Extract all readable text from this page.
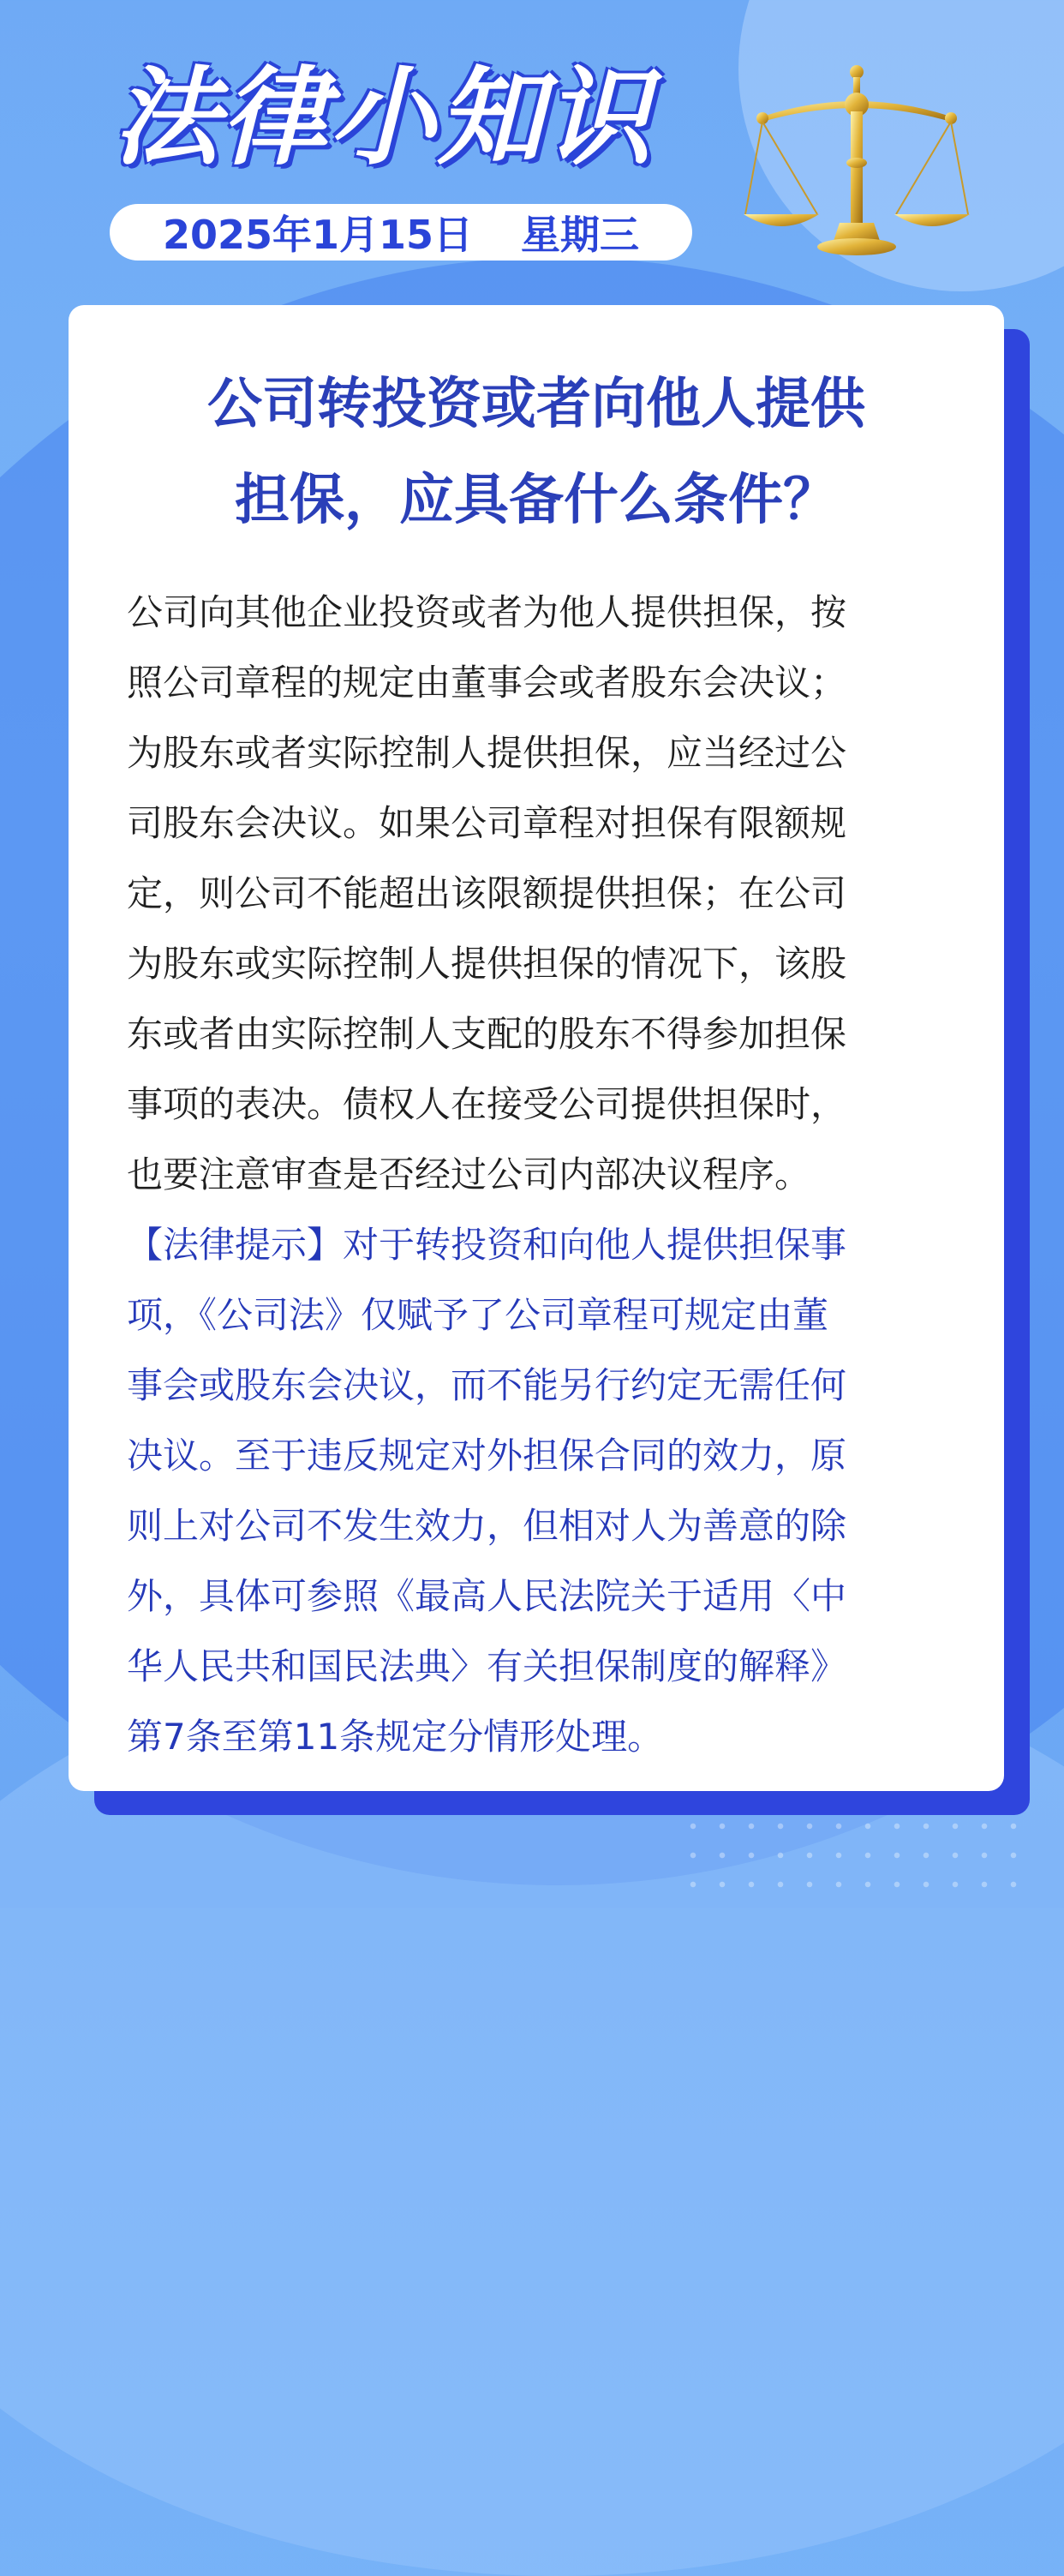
法律小知识
2025年1月15日 星期三
公司转投资或者向他人提供
担保，应具备什么条件？
公司向其他企业投资或者为他人提供担保，按
照公司章程的规定由董事会或者股东会决议；
为股东或者实际控制人提供担保，应当经过公
司股东会决议。如果公司章程对担保有限额规
定，则公司不能超出该限额提供担保；在公司
为股东或实际控制人提供担保的情况下，该股
东或者由实际控制人支配的股东不得参加担保
事项的表决。债权人在接受公司提供担保时，
也要注意审查是否经过公司内部决议程序。
【法律提示】对于转投资和向他人提供担保事
项，《公司法》仅赋予了公司章程可规定由董
事会或股东会决议，而不能另行约定无需任何
决议。至于违反规定对外担保合同的效力，原
则上对公司不发生效力，但相对人为善意的除
外，具体可参照《最高人民法院关于适用〈中
华人民共和国民法典〉有关担保制度的解释》
第7条至第11条规定分情形处理。
